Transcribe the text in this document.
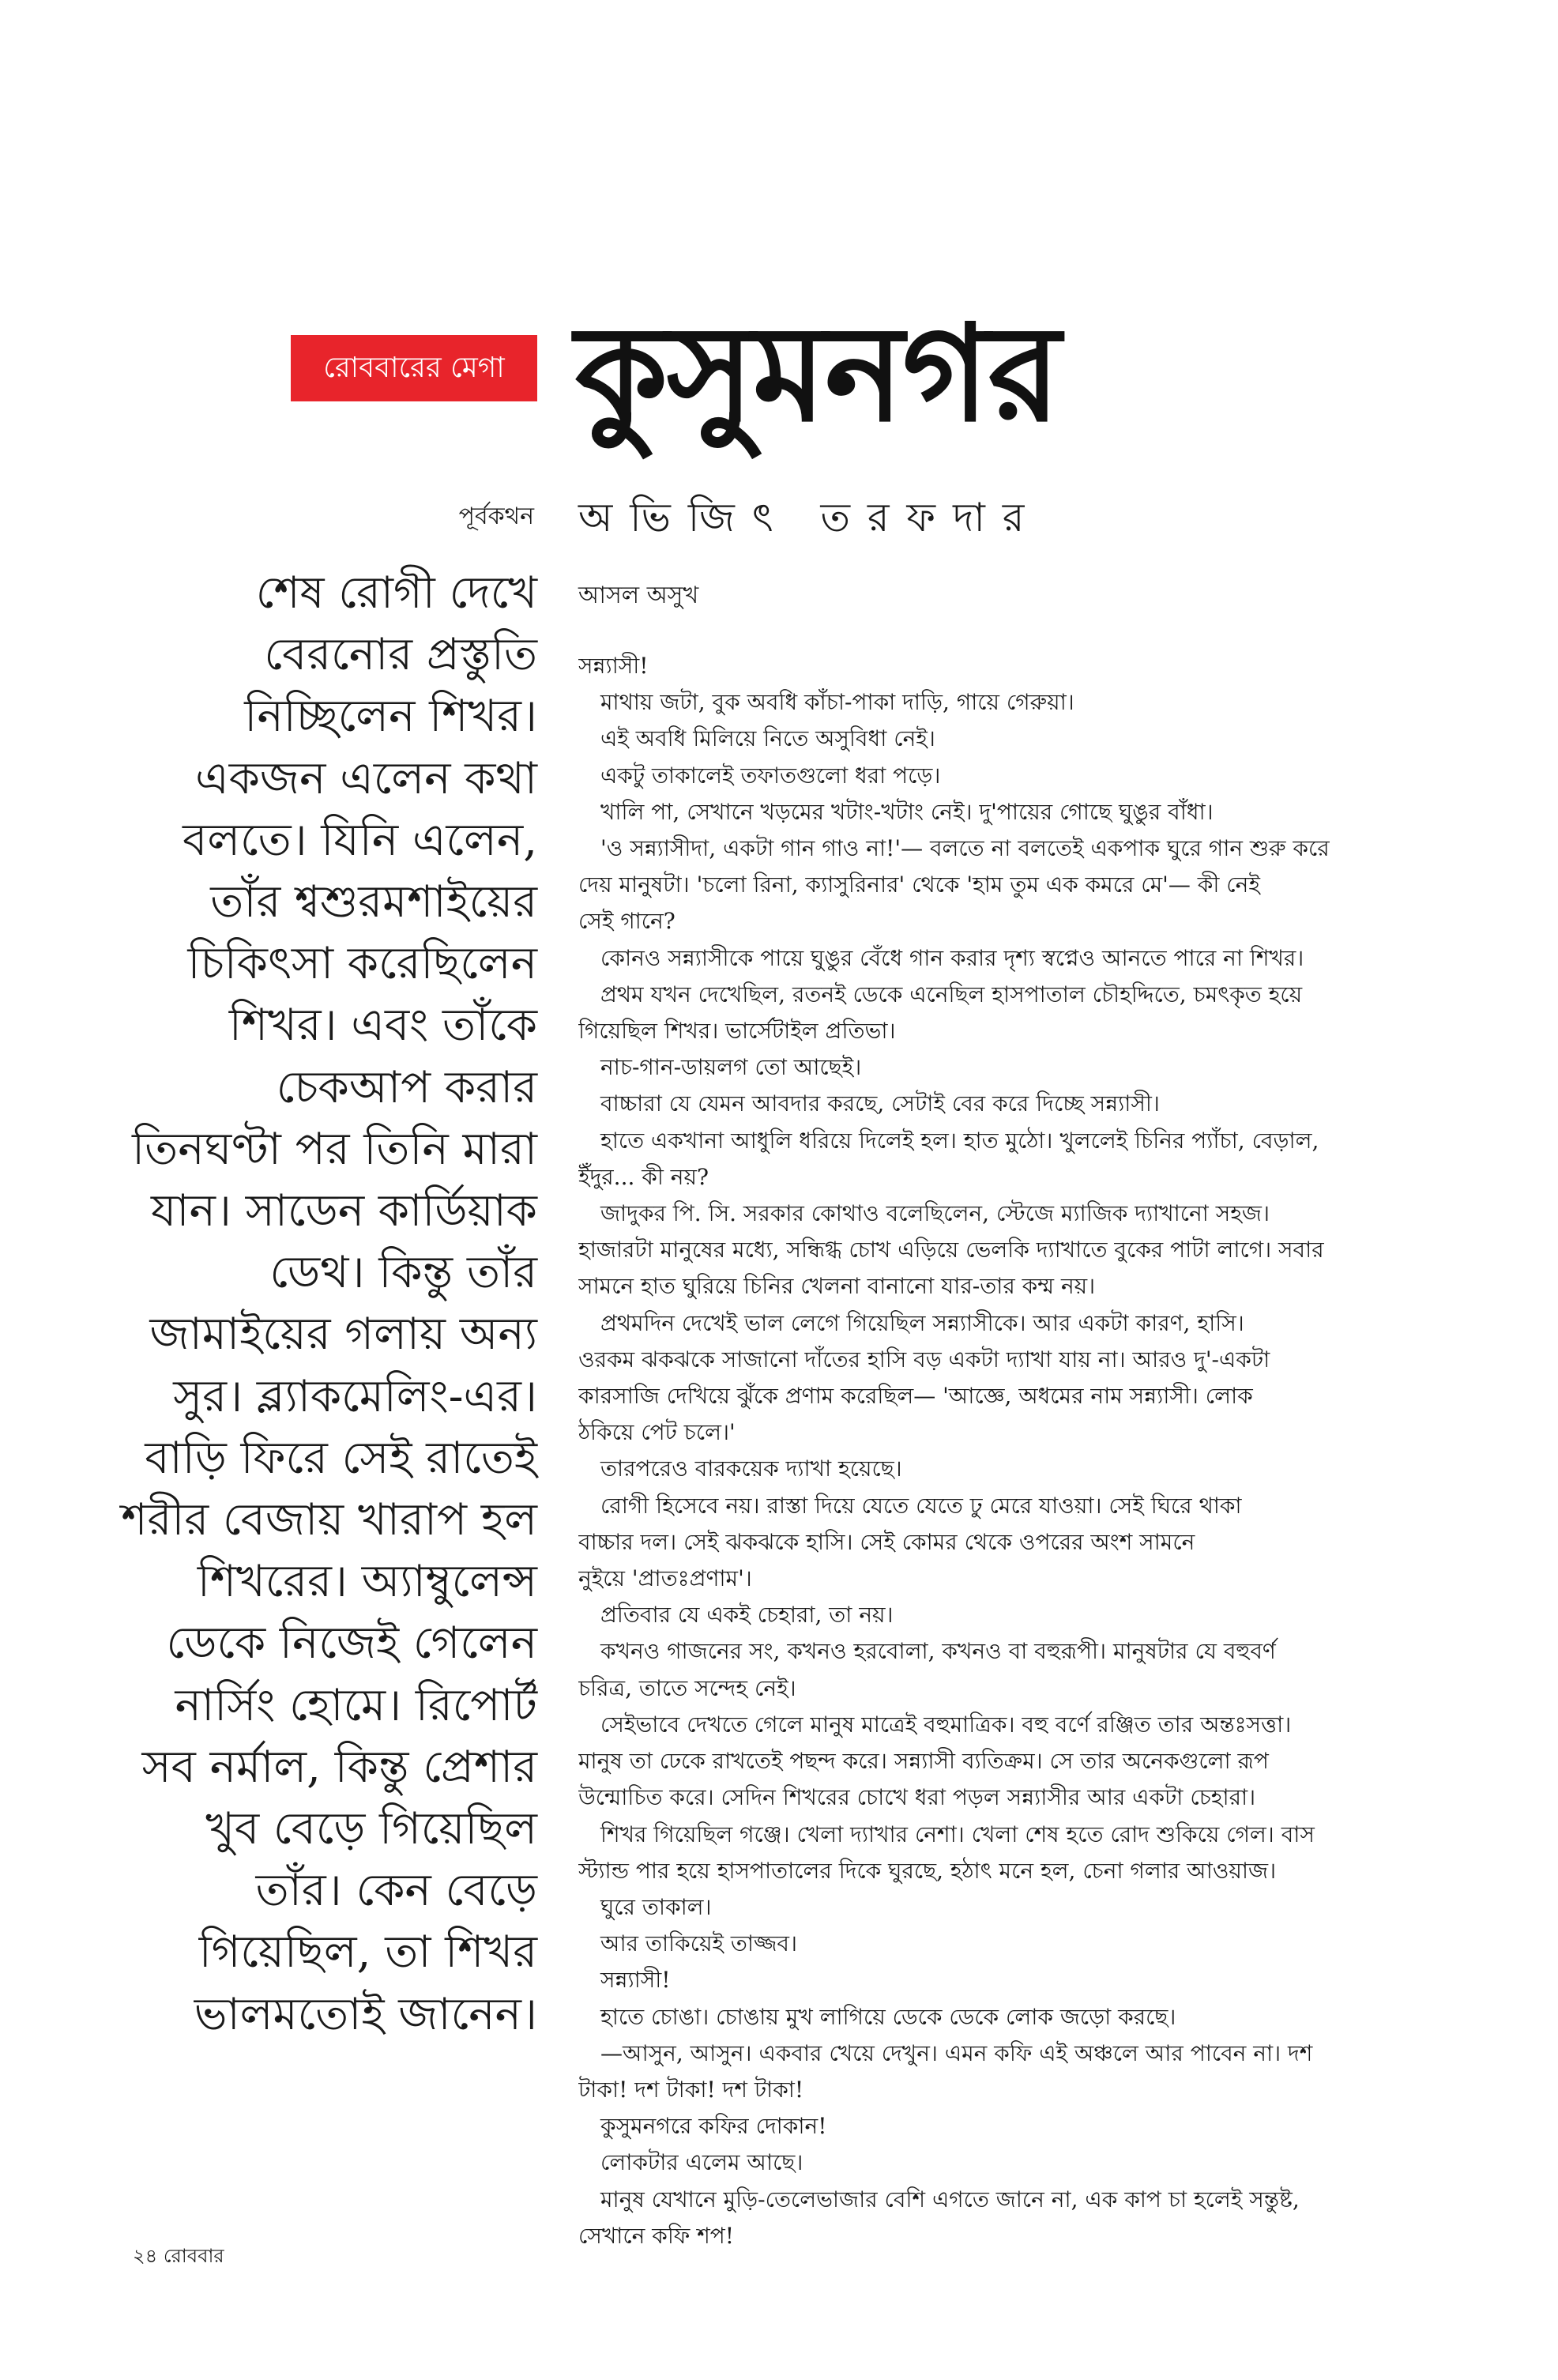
রোববারের মেগা কুসুমনগর
পূর্বকথন অভিজিৎ তরফদার
শেষ রোগী দেখে
বেরনোর প্রস্তুতি
নিচ্ছিলেন শিখর।
একজন এলেন কথা
বলতে। যিনি এলেন,
তাঁর শ্বশুরমশাইয়ের
চিকিৎসা করেছিলেন
শিখর। এবং তাঁকে
চেকআপ করার
তিনঘণ্টা পর তিনি মারা
যান। সাডেন কার্ডিয়াক
ডেথ। কিন্তু তাঁর
জামাইয়ের গলায় অন্য
সুর। ব্ল্যাকমেলিং-এর।
বাড়ি ফিরে সেই রাতেই
শরীর বেজায় খারাপ হল
শিখরের। অ্যাম্বুলেন্স
ডেকে নিজেই গেলেন
নার্সিং হোমে। রিপোর্ট
সব নর্মাল, কিন্তু প্রেশার
খুব বেড়ে গিয়েছিল
তাঁর। কেন বেড়ে
গিয়েছিল, তা শিখর
ভালমতোই জানেন।
আসল অসুখ
সন্ন্যাসী!
মাথায় জটা, বুক অবধি কাঁচা-পাকা দাড়ি, গায়ে গেরুয়া।
এই অবধি মিলিয়ে নিতে অসুবিধা নেই।
একটু তাকালেই তফাতগুলো ধরা পড়ে।
খালি পা, সেখানে খড়মের খটাং-খটাং নেই। দু'পায়ের গোছে ঘুঙুর বাঁধা।
'ও সন্ন্যাসীদা, একটা গান গাও না!'— বলতে না বলতেই একপাক ঘুরে গান শুরু করে
দেয় মানুষটা। 'চলো রিনা, ক্যাসুরিনার' থেকে 'হাম তুম এক কমরে মে'— কী নেই
সেই গানে?
কোনও সন্ন্যাসীকে পায়ে ঘুঙুর বেঁধে গান করার দৃশ্য স্বপ্নেও আনতে পারে না শিখর।
প্রথম যখন দেখেছিল, রতনই ডেকে এনেছিল হাসপাতাল চৌহদ্দিতে, চমৎকৃত হয়ে
গিয়েছিল শিখর। ভার্সেটাইল প্রতিভা।
নাচ-গান-ডায়লগ তো আছেই।
বাচ্চারা যে যেমন আবদার করছে, সেটাই বের করে দিচ্ছে সন্ন্যাসী।
হাতে একখানা আধুলি ধরিয়ে দিলেই হল। হাত মুঠো। খুললেই চিনির প্যাঁচা, বেড়াল,
ইঁদুর... কী নয়?
জাদুকর পি. সি. সরকার কোথাও বলেছিলেন, স্টেজে ম্যাজিক দ্যাখানো সহজ।
হাজারটা মানুষের মধ্যে, সন্ধিগ্ধ চোখ এড়িয়ে ভেলকি দ্যাখাতে বুকের পাটা লাগে। সবার
সামনে হাত ঘুরিয়ে চিনির খেলনা বানানো যার-তার কম্ম নয়।
প্রথমদিন দেখেই ভাল লেগে গিয়েছিল সন্ন্যাসীকে। আর একটা কারণ, হাসি।
ওরকম ঝকঝকে সাজানো দাঁতের হাসি বড় একটা দ্যাখা যায় না। আরও দু'-একটা
কারসাজি দেখিয়ে ঝুঁকে প্রণাম করেছিল— 'আজ্ঞে, অধমের নাম সন্ন্যাসী। লোক
ঠকিয়ে পেট চলে।'
তারপরেও বারকয়েক দ্যাখা হয়েছে।
রোগী হিসেবে নয়। রাস্তা দিয়ে যেতে যেতে ঢু মেরে যাওয়া। সেই ঘিরে থাকা
বাচ্চার দল। সেই ঝকঝকে হাসি। সেই কোমর থেকে ওপরের অংশ সামনে
নুইয়ে 'প্রাতঃপ্রণাম'।
প্রতিবার যে একই চেহারা, তা নয়।
কখনও গাজনের সং, কখনও হরবোলা, কখনও বা বহুরূপী। মানুষটার যে বহুবর্ণ
চরিত্র, তাতে সন্দেহ নেই।
সেইভাবে দেখতে গেলে মানুষ মাত্রেই বহুমাত্রিক। বহু বর্ণে রঞ্জিত তার অন্তঃসত্তা।
মানুষ তা ঢেকে রাখতেই পছন্দ করে। সন্ন্যাসী ব্যতিক্রম। সে তার অনেকগুলো রূপ
উন্মোচিত করে। সেদিন শিখরের চোখে ধরা পড়ল সন্ন্যাসীর আর একটা চেহারা।
শিখর গিয়েছিল গঞ্জে। খেলা দ্যাখার নেশা। খেলা শেষ হতে রোদ শুকিয়ে গেল। বাস
স্ট্যান্ড পার হয়ে হাসপাতালের দিকে ঘুরছে, হঠাৎ মনে হল, চেনা গলার আওয়াজ।
ঘুরে তাকাল।
আর তাকিয়েই তাজ্জব।
সন্ন্যাসী!
হাতে চোঙা। চোঙায় মুখ লাগিয়ে ডেকে ডেকে লোক জড়ো করছে।
—আসুন, আসুন। একবার খেয়ে দেখুন। এমন কফি এই অঞ্চলে আর পাবেন না। দশ
টাকা! দশ টাকা! দশ টাকা!
কুসুমনগরে কফির দোকান!
লোকটার এলেম আছে।
মানুষ যেখানে মুড়ি-তেলেভাজার বেশি এগতে জানে না, এক কাপ চা হলেই সন্তুষ্ট,
সেখানে কফি শপ!
২৪ রোববার
